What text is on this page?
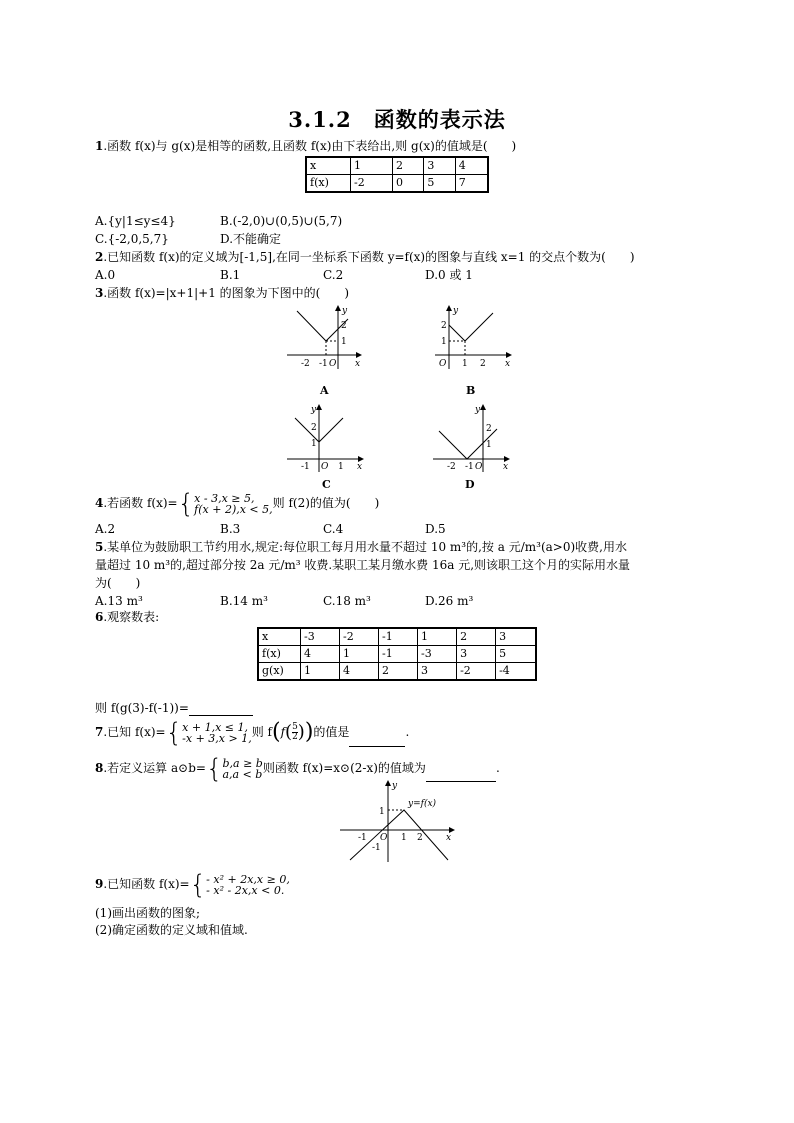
3.1.2　函数的表示法
1.函数 f(x)与 g(x)是相等的函数,且函数 f(x)由下表给出,则 g(x)的值域是(　　)
x	1	2	3	4
f(x)	-2	0	5	7
A.{y|1≤y≤4}	B.(-2,0)∪(0,5)∪(5,7)
C.{-2,0,5,7}	D.不能确定
2.已知函数 f(x)的定义域为[-1,5],在同一坐标系下函数 y=f(x)的图象与直线 x=1 的交点个数为(　　)
A.0	B.1	C.2	D.0 或 1
3.函数 f(x)=|x+1|+1 的图象为下图中的(　　)
-2 -1 O
1
2
x
y
A
1
2
1 2
O	x
y
B
-1	1
1
2
O	x
y
C
-2 -1
1
2
O x
y
D
4.若函数 f(x)={x - 3,x ≥ 5,
f(x + 2),x < 5,则 f(2)的值为(　　)
A.2	B.3	C.4	D.5
5.某单位为鼓励职工节约用水,规定:每位职工每月用水量不超过 10 m³的,按 a 元/m³(a>0)收费,用水
量超过 10 m³的,超过部分按 2a 元/m³ 收费.某职工某月缴水费 16a 元,则该职工这个月的实际用水量
为(　　)
A.13 m³	B.14 m³	C.18 m³	D.26 m³
6.观察数表:
x	-3	-2	-1	1	2	3
f(x)	4	1	-1	-3	3	5
g(x)	1	4	2	3	-2	-4
则 f(g(3)-f(-1))=
7.已知 f(x)={x + 1,x ≤ 1,
-x + 3,x > 1,则 $f(f(\frac{5}{2}$ ))的值是	.
8.若定义运算 a⊙b={b,a ≥ b
a,a < b则函数 f(x)=x⊙(2-x)的值域为	.
1
-1
1 2
-1 O	x
y
y=f(x)
9.已知函数 f(x)={- x² + 2x,x ≥ 0,
- x² - 2x,x < 0.
(1)画出函数的图象;
(2)确定函数的定义域和值域.
